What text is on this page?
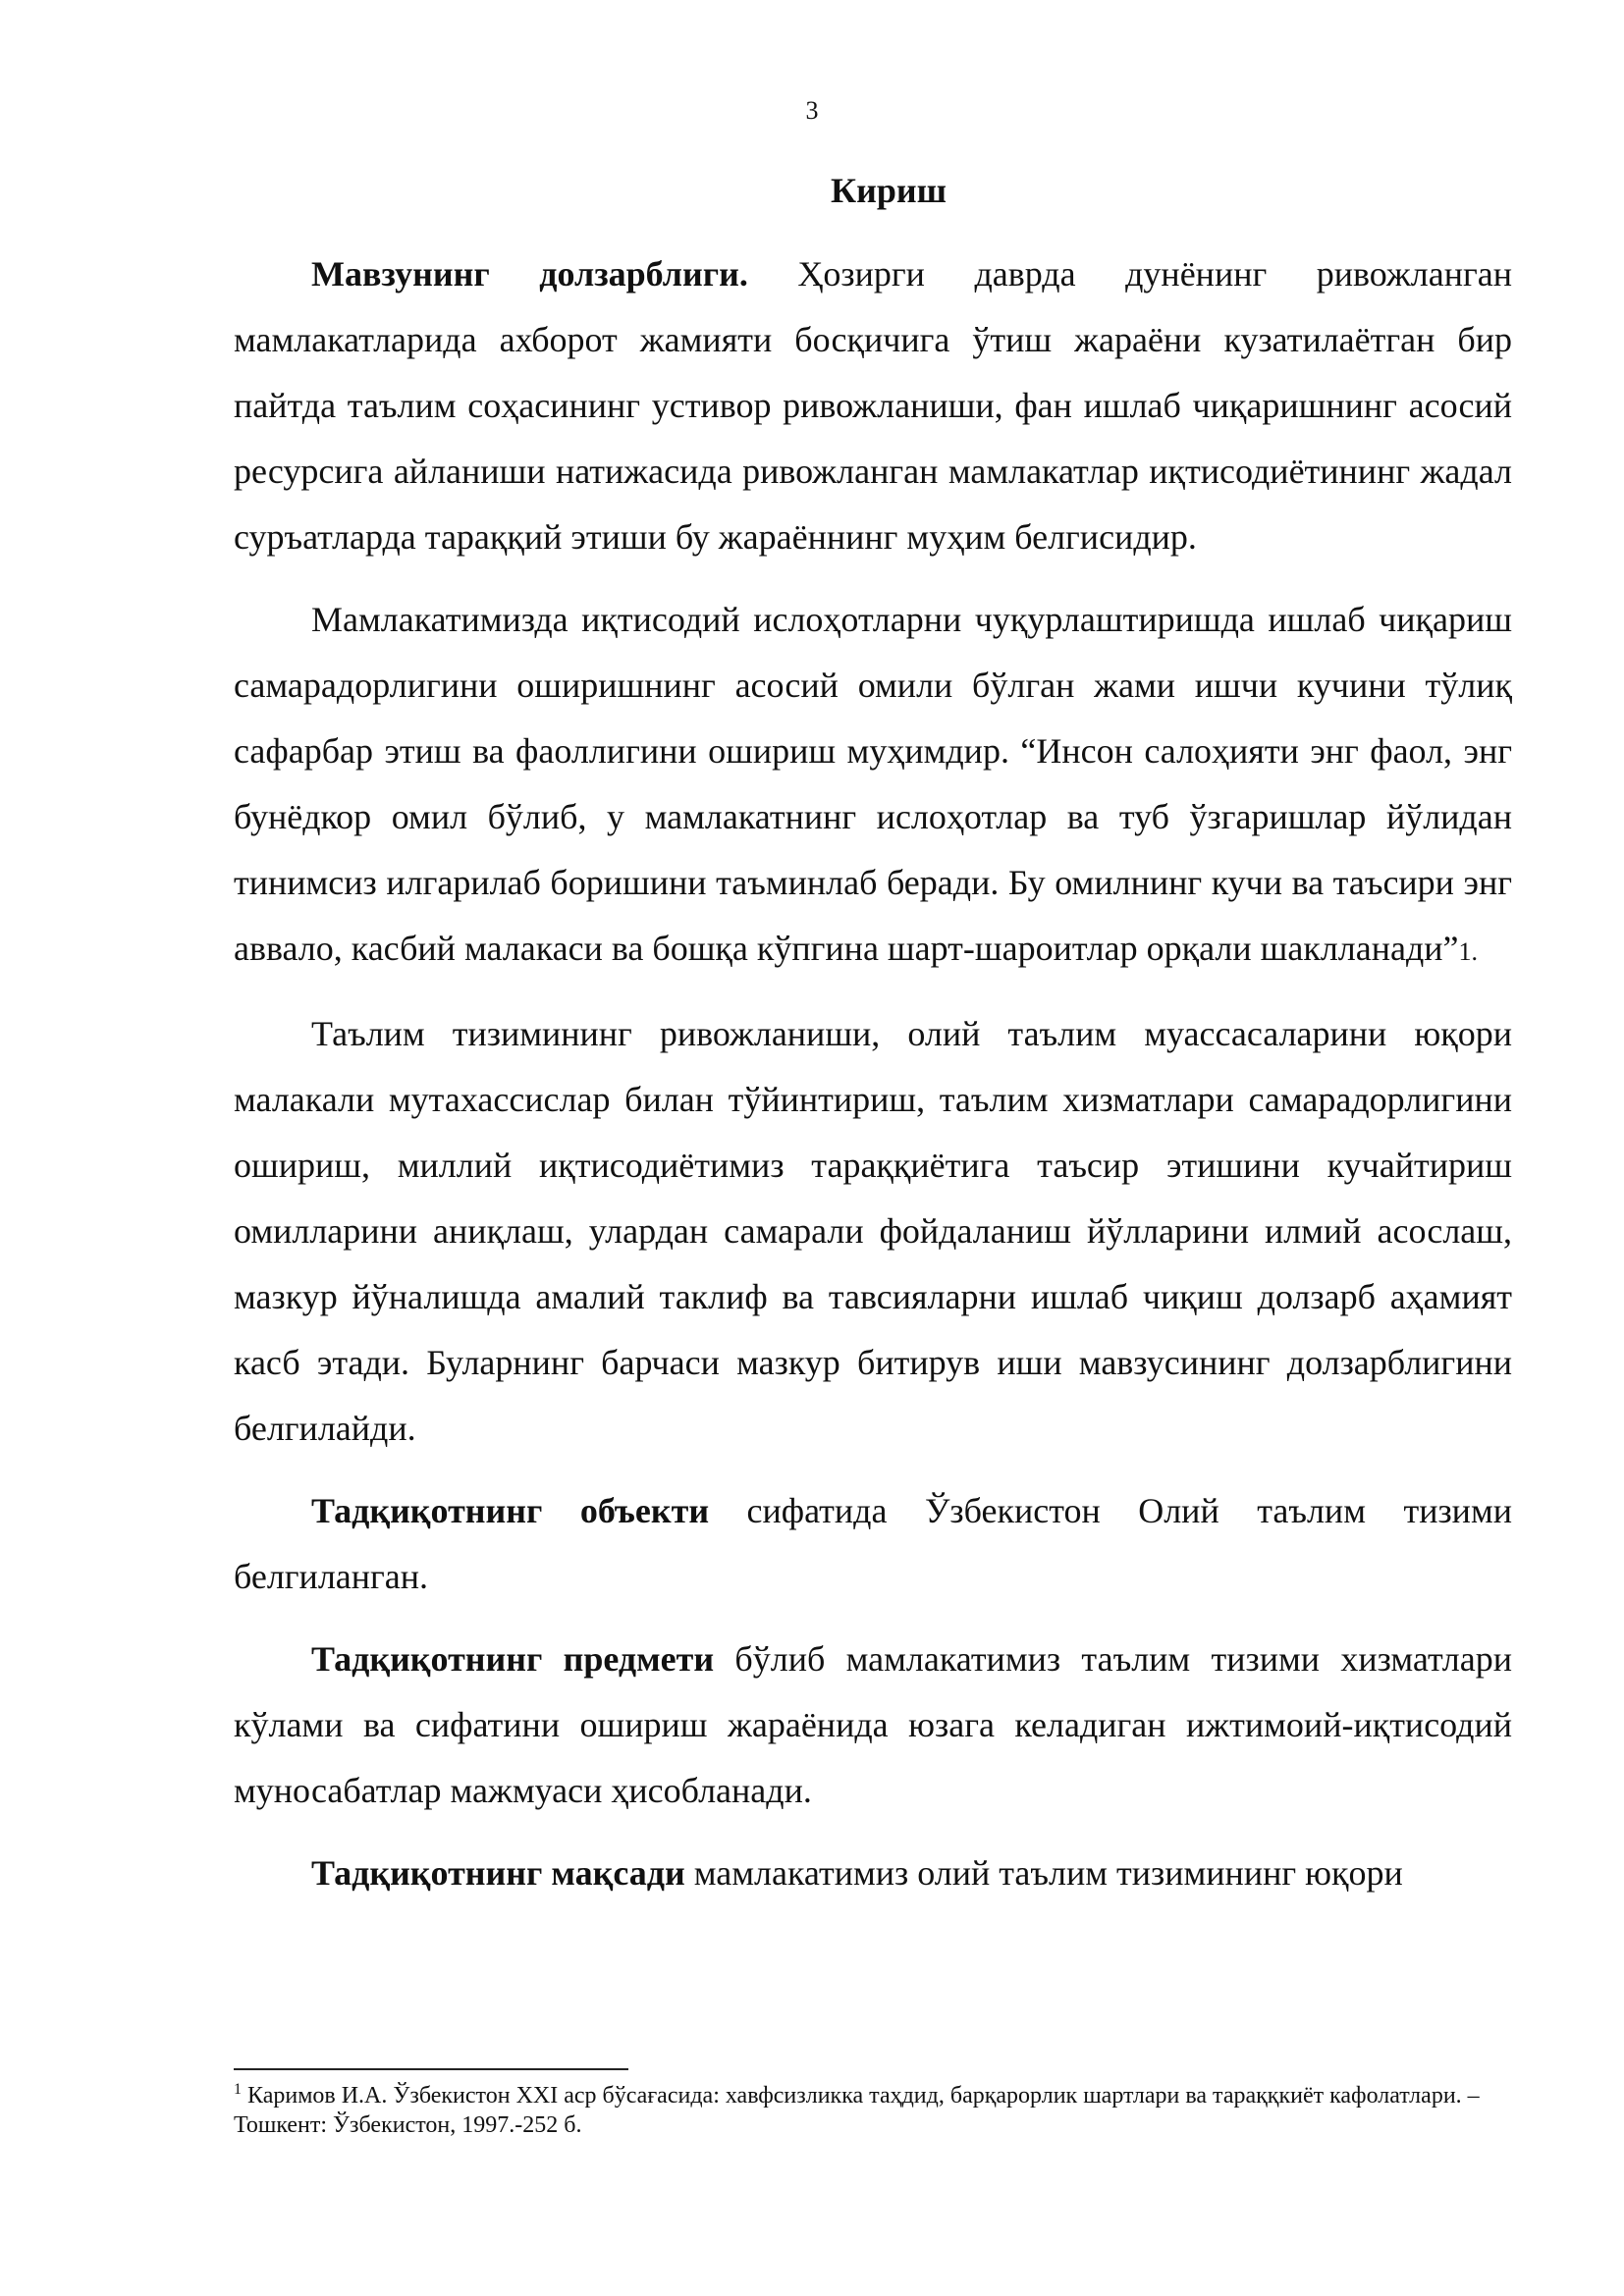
3
Кириш

Мавзунинг долзарблиги. Ҳозирги даврда дунёнинг ривожланган мамлакатларида ахборот жамияти босқичига ўтиш жараёни кузатилаётган бир пайтда таълим соҳасининг устивор ривожланиши, фан ишлаб чиқаришнинг асосий ресурсига айланиши натижасида ривожланган мамлакатлар иқтисодиётининг жадал суръатларда тараққий этиши бу жараённинг муҳим белгисидир.

Мамлакатимизда иқтисодий ислоҳотларни чуқурлаштиришда ишлаб чиқариш самарадорлигини оширишнинг асосий омили бўлган жами ишчи кучини тўлиқ сафарбар этиш ва фаоллигини ошириш муҳимдир. “Инсон салоҳияти энг фаол, энг бунёдкор омил бўлиб, у мамлакатнинг ислоҳотлар ва туб ўзгаришлар йўлидан тинимсиз илгарилаб боришини таъминлаб беради. Бу омилнинг кучи ва таъсири энг аввало, касбий малакаси ва бошқа кўпгина шарт-шароитлар орқали шаклланади”1.

Таълим тизимининг ривожланиши, олий таълим муассасаларини юқори малакали мутахассислар билан тўйинтириш, таълим хизматлари самарадорлигини ошириш, миллий иқтисодиётимиз тараққиётига таъсир этишини кучайтириш омилларини аниқлаш, улардан самарали фойдаланиш йўлларини илмий асослаш, мазкур йўналишда амалий таклиф ва тавсияларни ишлаб чиқиш долзарб аҳамият касб этади. Буларнинг барчаси мазкур битирув иши мавзусининг долзарблигини белгилайди.

Тадқиқотнинг объекти сифатида Ўзбекистон Олий таълим тизими белгиланган.

Тадқиқотнинг предмети бўлиб мамлакатимиз таълим тизими хизматлари кўлами ва сифатини ошириш жараёнида юзага келадиган ижтимоий-иқтисодий муносабатлар мажмуаси ҳисобланади.

Тадқиқотнинг мақсади мамлакатимиз олий таълим тизимининг юқори

$^1$ Каримов И.А. Ўзбекистон XXI аср бўсағасида: хавфсизликка таҳдид, барқарорлик шартлари ва тараққкиёт кафолатлари. –Тошкент: Ўзбекистон, 1997.-252 б.
